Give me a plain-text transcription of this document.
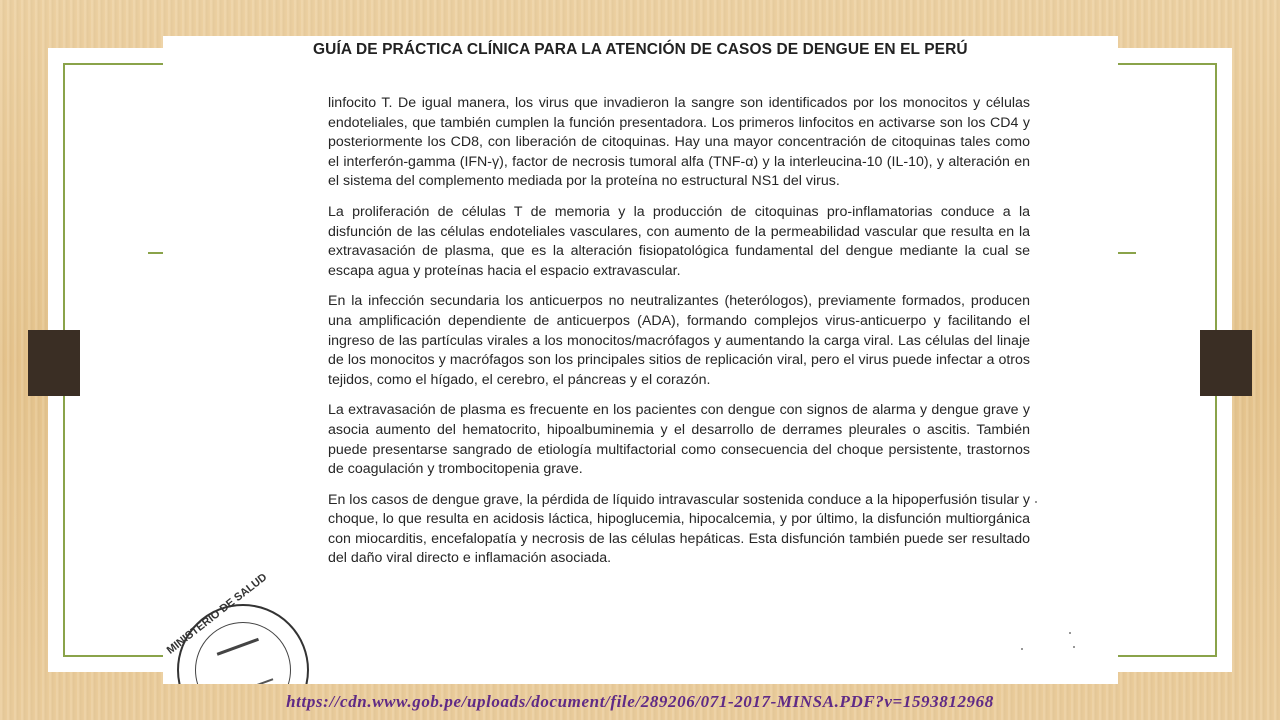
GUÍA DE PRÁCTICA CLÍNICA PARA LA ATENCIÓN DE CASOS DE DENGUE EN EL PERÚ

linfocito T. De igual manera, los virus que invadieron la sangre son identificados por los monocitos y células endoteliales, que también cumplen la función presentadora. Los primeros linfocitos en activarse son los CD4 y posteriormente los CD8, con liberación de citoquinas. Hay una mayor concentración de citoquinas tales como el interferón-gamma (IFN-γ), factor de necrosis tumoral alfa (TNF-α) y la interleucina-10 (IL-10), y alteración en el sistema del complemento mediada por la proteína no estructural NS1 del virus.

La proliferación de células T de memoria y la producción de citoquinas pro-inflamatorias conduce a la disfunción de las células endoteliales vasculares, con aumento de la permeabilidad vascular que resulta en la extravasación de plasma, que es la alteración fisiopatológica fundamental del dengue mediante la cual se escapa agua y proteínas hacia el espacio extravascular.

En la infección secundaria los anticuerpos no neutralizantes (heterólogos), previamente formados, producen una amplificación dependiente de anticuerpos (ADA), formando complejos virus-anticuerpo y facilitando el ingreso de las partículas virales a los monocitos/macrófagos y aumentando la carga viral. Las células del linaje de los monocitos y macrófagos son los principales sitios de replicación viral, pero el virus puede infectar a otros tejidos, como el hígado, el cerebro, el páncreas y el corazón.

La extravasación de plasma es frecuente en los pacientes con dengue con signos de alarma y dengue grave y asocia aumento del hematocrito, hipoalbuminemia y el desarrollo de derrames pleurales o ascitis. También puede presentarse sangrado de etiología multifactorial como consecuencia del choque persistente, trastornos de coagulación y trombocitopenia grave.

En los casos de dengue grave, la pérdida de líquido intravascular sostenida conduce a la hipoperfusión tisular y choque, lo que resulta en acidosis láctica, hipoglucemia, hipocalcemia, y por último, la disfunción multiorgánica con miocarditis, encefalopatía y necrosis de las células hepáticas. Esta disfunción también puede ser resultado del daño viral directo e inflamación asociada.

MINISTERIO DE SALUD
https://cdn.www.gob.pe/uploads/document/file/289206/071-2017-MINSA.PDF?v=1593812968
